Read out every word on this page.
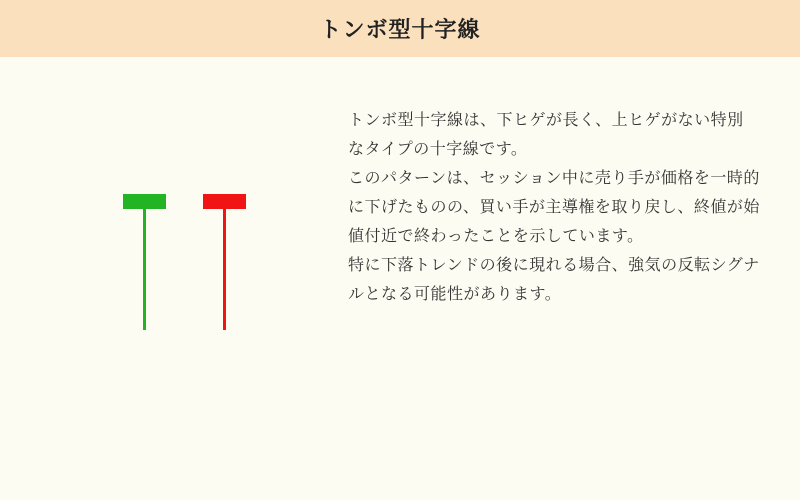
トンボ型十字線

トンボ型十字線は、下ヒゲが長く、上ヒゲがない特別なタイプの十字線です。

このパターンは、セッション中に売り手が価格を一時的に下げたものの、買い手が主導権を取り戻し、終値が始値付近で終わったことを示しています。

特に下落トレンドの後に現れる場合、強気の反転シグナルとなる可能性があります。
